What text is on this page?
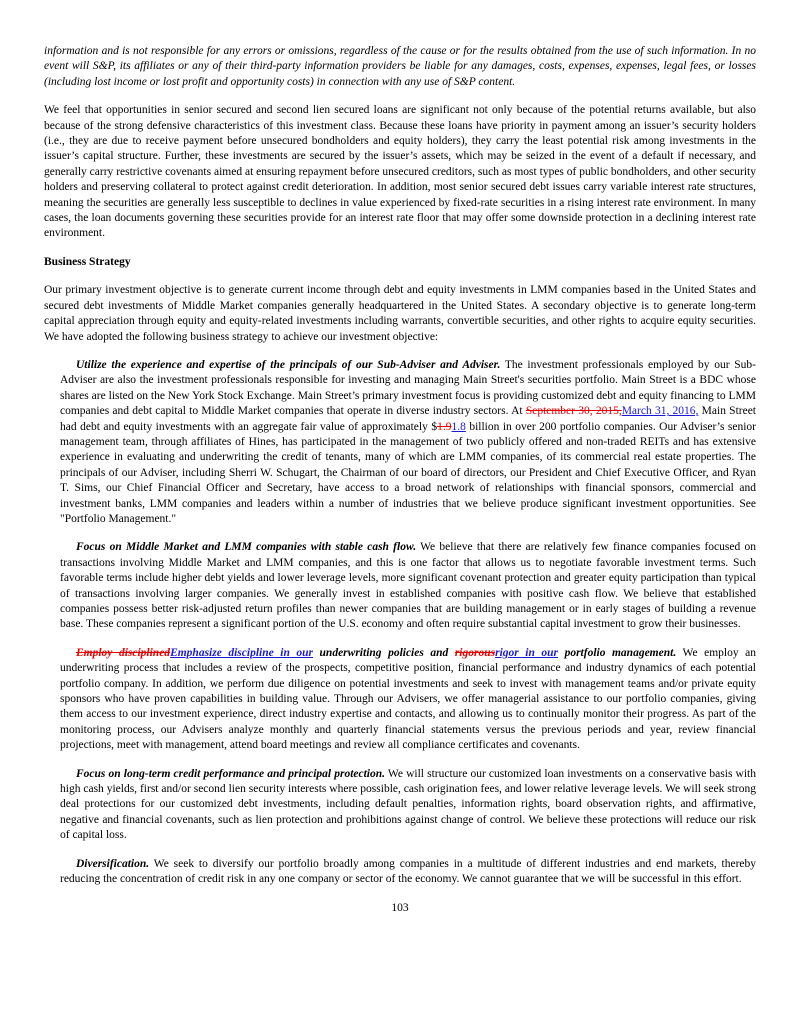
information and is not responsible for any errors or omissions, regardless of the cause or for the results obtained from the use of such information. In no event will S&P, its affiliates or any of their third-party information providers be liable for any damages, costs, expenses, expenses, legal fees, or losses (including lost income or lost profit and opportunity costs) in connection with any use of S&P content.

We feel that opportunities in senior secured and second lien secured loans are significant not only because of the potential returns available, but also because of the strong defensive characteristics of this investment class. Because these loans have priority in payment among an issuer’s security holders (i.e., they are due to receive payment before unsecured bondholders and equity holders), they carry the least potential risk among investments in the issuer’s capital structure. Further, these investments are secured by the issuer’s assets, which may be seized in the event of a default if necessary, and generally carry restrictive covenants aimed at ensuring repayment before unsecured creditors, such as most types of public bondholders, and other security holders and preserving collateral to protect against credit deterioration. In addition, most senior secured debt issues carry variable interest rate structures, meaning the securities are generally less susceptible to declines in value experienced by fixed-rate securities in a rising interest rate environment. In many cases, the loan documents governing these securities provide for an interest rate floor that may offer some downside protection in a declining interest rate environment.

Business Strategy

Our primary investment objective is to generate current income through debt and equity investments in LMM companies based in the United States and secured debt investments of Middle Market companies generally headquartered in the United States. A secondary objective is to generate long-term capital appreciation through equity and equity-related investments including warrants, convertible securities, and other rights to acquire equity securities. We have adopted the following business strategy to achieve our investment objective:

Utilize the experience and expertise of the principals of our Sub-Adviser and Adviser. The investment professionals employed by our Sub-Adviser are also the investment professionals responsible for investing and managing Main Street's securities portfolio. Main Street is a BDC whose shares are listed on the New York Stock Exchange. Main Street’s primary investment focus is providing customized debt and equity financing to LMM companies and debt capital to Middle Market companies that operate in diverse industry sectors. At September 30, 2015,March 31, 2016, Main Street had debt and equity investments with an aggregate fair value of approximately $1.91.8 billion in over 200 portfolio companies. Our Adviser’s senior management team, through affiliates of Hines, has participated in the management of two publicly offered and non-traded REITs and has extensive experience in evaluating and underwriting the credit of tenants, many of which are LMM companies, of its commercial real estate properties. The principals of our Adviser, including Sherri W. Schugart, the Chairman of our board of directors, our President and Chief Executive Officer, and Ryan T. Sims, our Chief Financial Officer and Secretary, have access to a broad network of relationships with financial sponsors, commercial and investment banks, LMM companies and leaders within a number of industries that we believe produce significant investment opportunities. See "Portfolio Management."

Focus on Middle Market and LMM companies with stable cash flow. We believe that there are relatively few finance companies focused on transactions involving Middle Market and LMM companies, and this is one factor that allows us to negotiate favorable investment terms. Such favorable terms include higher debt yields and lower leverage levels, more significant covenant protection and greater equity participation than typical of transactions involving larger companies. We generally invest in established companies with positive cash flow. We believe that established companies possess better risk-adjusted return profiles than newer companies that are building management or in early stages of building a revenue base. These companies represent a significant portion of the U.S. economy and often require substantial capital investment to grow their businesses.

Employ disciplinedEmphasize discipline in our underwriting policies and rigorousrigor in our portfolio management. We employ an underwriting process that includes a review of the prospects, competitive position, financial performance and industry dynamics of each potential portfolio company. In addition, we perform due diligence on potential investments and seek to invest with management teams and/or private equity sponsors who have proven capabilities in building value. Through our Advisers, we offer managerial assistance to our portfolio companies, giving them access to our investment experience, direct industry expertise and contacts, and allowing us to continually monitor their progress. As part of the monitoring process, our Advisers analyze monthly and quarterly financial statements versus the previous periods and year, review financial projections, meet with management, attend board meetings and review all compliance certificates and covenants.

Focus on long-term credit performance and principal protection. We will structure our customized loan investments on a conservative basis with high cash yields, first and/or second lien security interests where possible, cash origination fees, and lower relative leverage levels. We will seek strong deal protections for our customized debt investments, including default penalties, information rights, board observation rights, and affirmative, negative and financial covenants, such as lien protection and prohibitions against change of control. We believe these protections will reduce our risk of capital loss.

Diversification. We seek to diversify our portfolio broadly among companies in a multitude of different industries and end markets, thereby reducing the concentration of credit risk in any one company or sector of the economy. We cannot guarantee that we will be successful in this effort.

103
